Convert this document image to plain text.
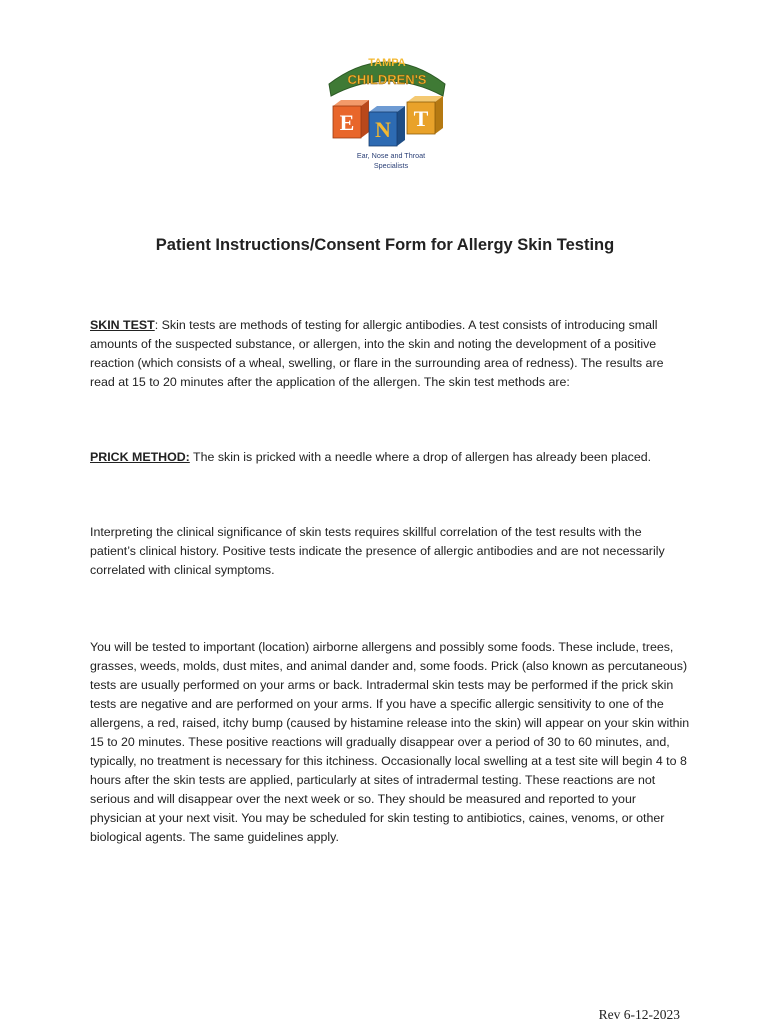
TAMPA
CHILDREN'S
E N T
Ear, Nose and Throat
Specialists
Patient Instructions/Consent Form for Allergy Skin Testing

SKIN TEST: Skin tests are methods of testing for allergic antibodies. A test consists of introducing small amounts of the suspected substance, or allergen, into the skin and noting the development of a positive reaction (which consists of a wheal, swelling, or flare in the surrounding area of redness). The results are read at 15 to 20 minutes after the application of the allergen. The skin test methods are:

PRICK METHOD: The skin is pricked with a needle where a drop of allergen has already been placed.

Interpreting the clinical significance of skin tests requires skillful correlation of the test results with the patient’s clinical history. Positive tests indicate the presence of allergic antibodies and are not necessarily correlated with clinical symptoms.

You will be tested to important (location) airborne allergens and possibly some foods. These include, trees, grasses, weeds, molds, dust mites, and animal dander and, some foods. Prick (also known as percutaneous) tests are usually performed on your arms or back. Intradermal skin tests may be performed if the prick skin tests are negative and are performed on your arms. If you have a specific allergic sensitivity to one of the allergens, a red, raised, itchy bump (caused by histamine release into the skin) will appear on your skin within 15 to 20 minutes. These positive reactions will gradually disappear over a period of 30 to 60 minutes, and, typically, no treatment is necessary for this itchiness. Occasionally local swelling at a test site will begin 4 to 8 hours after the skin tests are applied, particularly at sites of intradermal testing. These reactions are not serious and will disappear over the next week or so. They should be measured and reported to your physician at your next visit. You may be scheduled for skin testing to antibiotics, caines, venoms, or other biological agents. The same guidelines apply.

Rev 6-12-2023
